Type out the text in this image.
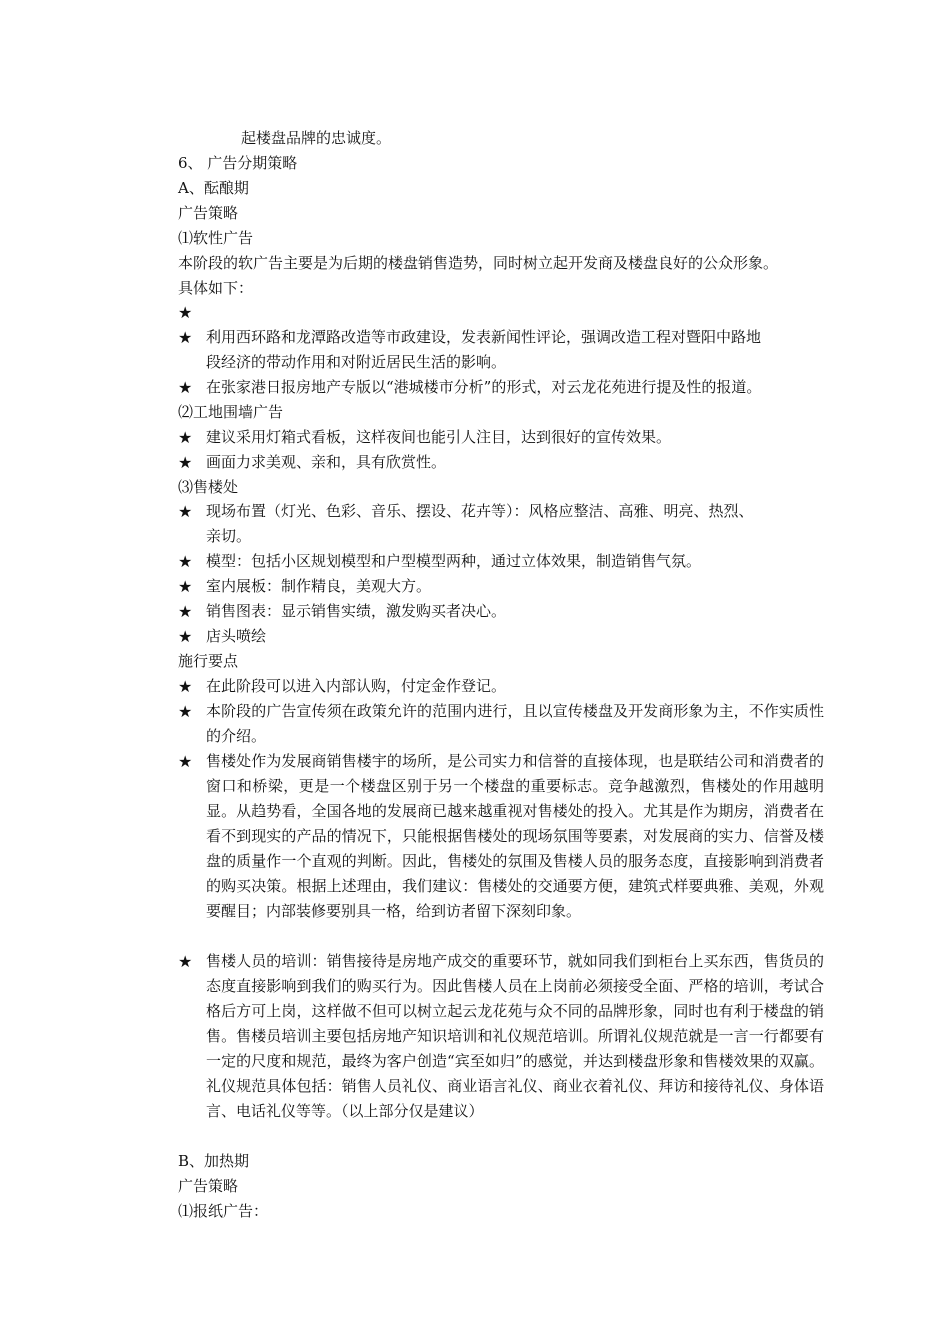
起楼盘品牌的忠诚度。
6、 广告分期策略
A、酝酿期
广告策略
⑴软性广告
本阶段的软广告主要是为后期的楼盘销售造势，同时树立起开发商及楼盘良好的公众形象。
具体如下：
★
★ 利用西环路和龙潭路改造等市政建设，发表新闻性评论，强调改造工程对暨阳中路地
段经济的带动作用和对附近居民生活的影响。
★ 在张家港日报房地产专版以“港城楼市分析”的形式，对云龙花苑进行提及性的报道。
⑵工地围墙广告
★ 建议采用灯箱式看板，这样夜间也能引人注目，达到很好的宣传效果。
★ 画面力求美观、亲和，具有欣赏性。
⑶售楼处
★ 现场布置（灯光、色彩、音乐、摆设、花卉等）：风格应整洁、高雅、明亮、热烈、
亲切。
★ 模型：包括小区规划模型和户型模型两种，通过立体效果，制造销售气氛。
★ 室内展板：制作精良，美观大方。
★ 销售图表：显示销售实绩，激发购买者决心。
★ 店头喷绘
施行要点
★ 在此阶段可以进入内部认购，付定金作登记。
★ 本阶段的广告宣传须在政策允许的范围内进行，且以宣传楼盘及开发商形象为主，不作实质性的介绍。
★ 售楼处作为发展商销售楼宇的场所，是公司实力和信誉的直接体现，也是联结公司和消费者的窗口和桥梁，更是一个楼盘区别于另一个楼盘的重要标志。竞争越激烈，售楼处的作用越明显。从趋势看，全国各地的发展商已越来越重视对售楼处的投入。尤其是作为期房，消费者在看不到现实的产品的情况下，只能根据售楼处的现场氛围等要素，对发展商的实力、信誉及楼盘的质量作一个直观的判断。因此，售楼处的氛围及售楼人员的服务态度，直接影响到消费者的购买决策。根据上述理由，我们建议：售楼处的交通要方便，建筑式样要典雅、美观，外观要醒目；内部装修要别具一格，给到访者留下深刻印象。
★ 售楼人员的培训：销售接待是房地产成交的重要环节，就如同我们到柜台上买东西，售货员的态度直接影响到我们的购买行为。因此售楼人员在上岗前必须接受全面、严格的培训，考试合格后方可上岗，这样做不但可以树立起云龙花苑与众不同的品牌形象，同时也有利于楼盘的销售。售楼员培训主要包括房地产知识培训和礼仪规范培训。所谓礼仪规范就是一言一行都要有一定的尺度和规范，最终为客户创造“宾至如归”的感觉，并达到楼盘形象和售楼效果的双赢。礼仪规范具体包括：销售人员礼仪、商业语言礼仪、商业衣着礼仪、拜访和接待礼仪、身体语言、电话礼仪等等。（以上部分仅是建议）
B、加热期
广告策略
⑴报纸广告：
